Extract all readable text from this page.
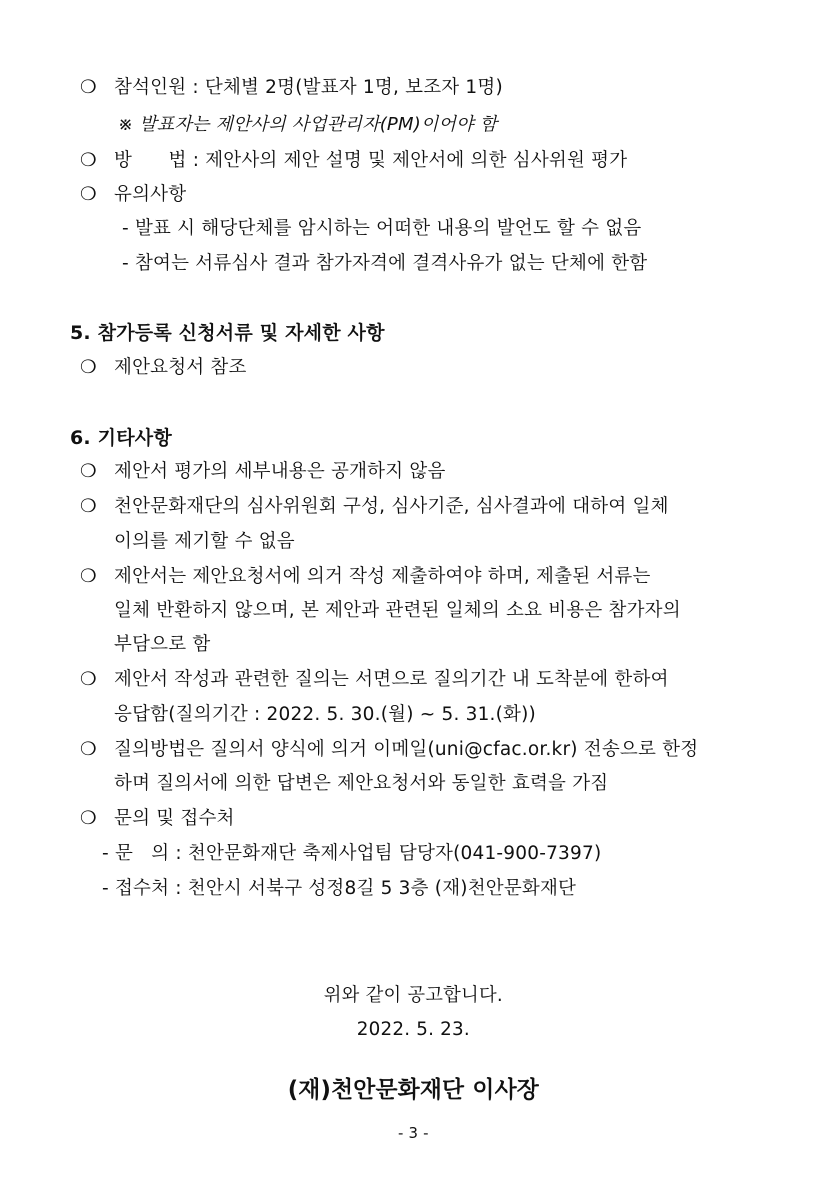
❍ 참석인원 : 단체별 2명(발표자 1명, 보조자 1명)
※ 발표자는 제안사의 사업관리자(PM)이어야 함
❍ 방      법 : 제안사의 제안 설명 및 제안서에 의한 심사위원 평가
❍ 유의사항
- 발표 시 해당단체를 암시하는 어떠한 내용의 발언도 할 수 없음
- 참여는 서류심사 결과 참가자격에 결격사유가 없는 단체에 한함
5. 참가등록 신청서류 및 자세한 사항
❍ 제안요청서 참조
6. 기타사항
❍ 제안서 평가의 세부내용은 공개하지 않음
❍ 천안문화재단의 심사위원회 구성, 심사기준, 심사결과에 대하여 일체
이의를 제기할 수 없음
❍ 제안서는 제안요청서에 의거 작성 제출하여야 하며, 제출된 서류는
일체 반환하지 않으며, 본 제안과 관련된 일체의 소요 비용은 참가자의
부담으로 함
❍ 제안서 작성과 관련한 질의는 서면으로 질의기간 내 도착분에 한하여
응답함(질의기간 : 2022. 5. 30.(월) ~ 5. 31.(화))
❍ 질의방법은 질의서 양식에 의거 이메일(uni@cfac.or.kr) 전송으로 한정
하며 질의서에 의한 답변은 제안요청서와 동일한 효력을 가짐
❍ 문의 및 접수처
- 문   의 : 천안문화재단 축제사업팀 담당자(041-900-7397)
- 접수처 : 천안시 서북구 성정8길 5 3층 (재)천안문화재단
위와 같이 공고합니다.
2022. 5. 23.
(재)천안문화재단 이사장
- 3 -
